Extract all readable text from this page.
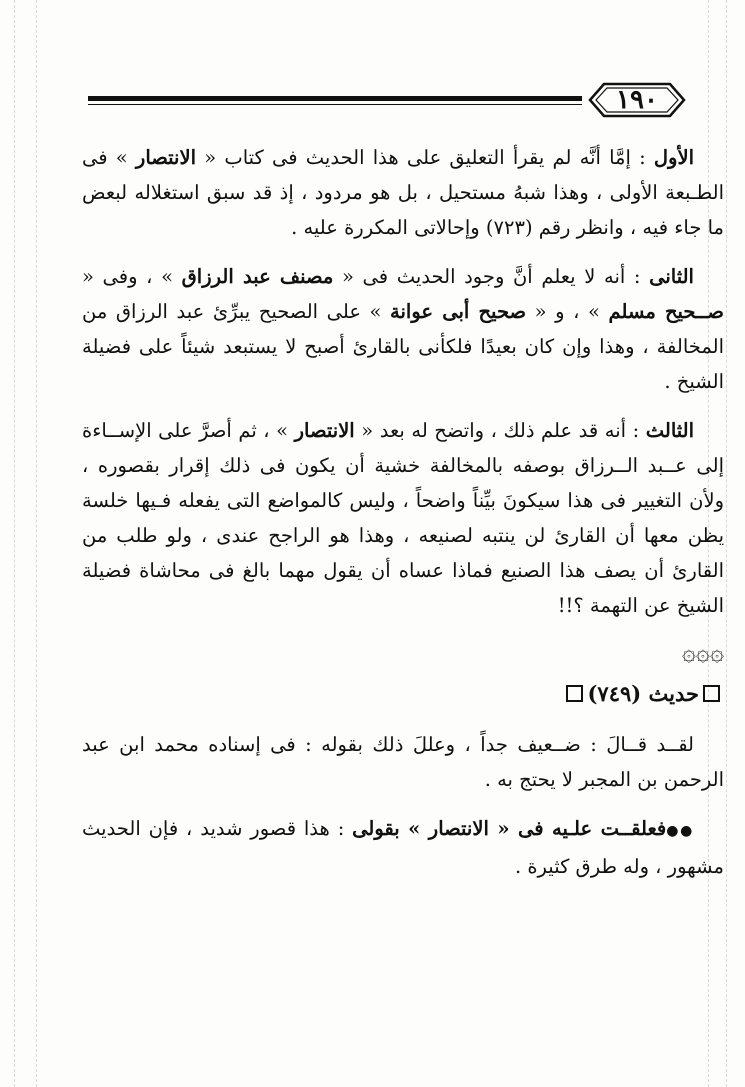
١٩٠

الأول : إمَّا أنَّه لم يقرأ التعليق على هذا الحديث فى كتاب « الانتصار » فى الطـبعة الأولى ، وهذا شبهُ مستحيل ، بل هو مردود ، إذ قد سبق استغلاله لبعض ما جاء فيه ، وانظر رقم (٧٢٣) وإحالاتى المكررة عليه .

الثانى : أنه لا يعلم أنَّ وجود الحديث فى « مصنف عبد الرزاق » ، وفى « صــحيح مسلم » ، و « صحيح أبى عوانة » على الصحيح يبرِّئ عبد الرزاق من المخالفة ، وهذا وإن كان بعيدًا فلكأنى بالقارئ أصبح لا يستبعد شيئاً على فضيلة الشيخ .

الثالث : أنه قد علم ذلك ، واتضح له بعد « الانتصار » ، ثم أصرَّ على الإســاءة إلى عــبد الــرزاق بوصفه بالمخالفة خشية أن يكون فى ذلك إقرار بقصوره ، ولأن التغيير فى هذا سيكونَ بيِّناً واضحاً ، وليس كالمواضع التى يفعله فـيها خلسة يظن معها أن القارئ لن ينتبه لصنيعه ، وهذا هو الراجح عندى ، ولو طلب من القارئ أن يصف هذا الصنيع فماذا عساه أن يقول مهما بالغ فى محاشاة فضيلة الشيخ عن التهمة ؟!!

۞۞۞
حديث (٧٤٩)

لقــد قــالَ : ضــعيف جداً ، وعللَ ذلك بقوله : فى إسناده محمد ابن عبد الرحمن بن المجبر لا يحتج به .

●●فعلقــت علـيه فى « الانتصار » بقولى : هذا قصور شديد ، فإن الحديث مشهور ، وله طرق كثيرة .
